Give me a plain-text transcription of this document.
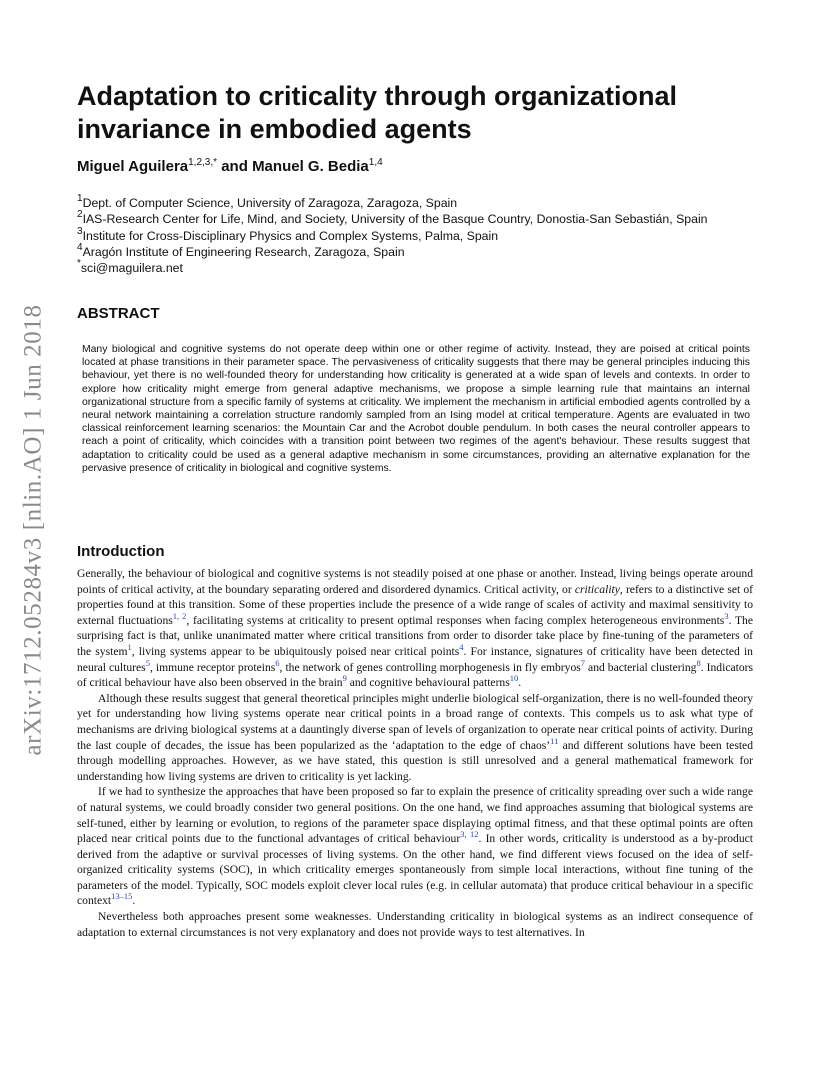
arXiv:1712.05284v3 [nlin.AO] 1 Jun 2018
Adaptation to criticality through organizational invariance in embodied agents
Miguel Aguilera$^{1,2,3,*}$ and Manuel G. Bedia$^{1,4}$
$^1$Dept. of Computer Science, University of Zaragoza, Zaragoza, Spain
$^2$IAS-Research Center for Life, Mind, and Society, University of the Basque Country, Donostia-San Sebastián, Spain
$^3$Institute for Cross-Disciplinary Physics and Complex Systems, Palma, Spain
$^4$Aragón Institute of Engineering Research, Zaragoza, Spain
*sci@maguilera.net
ABSTRACT

Many biological and cognitive systems do not operate deep within one or other regime of activity. Instead, they are poised at critical points located at phase transitions in their parameter space. The pervasiveness of criticality suggests that there may be general principles inducing this behaviour, yet there is no well-founded theory for understanding how criticality is generated at a wide span of levels and contexts. In order to explore how criticality might emerge from general adaptive mechanisms, we propose a simple learning rule that maintains an internal organizational structure from a specific family of systems at criticality. We implement the mechanism in artificial embodied agents controlled by a neural network maintaining a correlation structure randomly sampled from an Ising model at critical temperature. Agents are evaluated in two classical reinforcement learning scenarios: the Mountain Car and the Acrobot double pendulum. In both cases the neural controller appears to reach a point of criticality, which coincides with a transition point between two regimes of the agent's behaviour. These results suggest that adaptation to criticality could be used as a general adaptive mechanism in some circumstances, providing an alternative explanation for the pervasive presence of criticality in biological and cognitive systems.

Introduction

Generally, the behaviour of biological and cognitive systems is not steadily poised at one phase or another. Instead, living beings operate around points of critical activity, at the boundary separating ordered and disordered dynamics. Critical activity, or criticality, refers to a distinctive set of properties found at this transition. Some of these properties include the presence of a wide range of scales of activity and maximal sensitivity to external fluctuations$^{1, 2}$, facilitating systems at criticality to present optimal responses when facing complex heterogeneous environments$^3$. The surprising fact is that, unlike unanimated matter where critical transitions from order to disorder take place by fine-tuning of the parameters of the system$^1$, living systems appear to be ubiquitously poised near critical points$^4$. For instance, signatures of criticality have been detected in neural cultures$^5$, immune receptor proteins$^6$, the network of genes controlling morphogenesis in fly embryos$^7$ and bacterial clustering$^8$. Indicators of critical behaviour have also been observed in the brain$^9$ and cognitive behavioural patterns$^{10}$.

Although these results suggest that general theoretical principles might underlie biological self-organization, there is no well-founded theory yet for understanding how living systems operate near critical points in a broad range of contexts. This compels us to ask what type of mechanisms are driving biological systems at a dauntingly diverse span of levels of organization to operate near critical points of activity. During the last couple of decades, the issue has been popularized as the ‘adaptation to the edge of chaos’$^{11}$ and different solutions have been tested through modelling approaches. However, as we have stated, this question is still unresolved and a general mathematical framework for understanding how living systems are driven to criticality is yet lacking.

If we had to synthesize the approaches that have been proposed so far to explain the presence of criticality spreading over such a wide range of natural systems, we could broadly consider two general positions. On the one hand, we find approaches assuming that biological systems are self-tuned, either by learning or evolution, to regions of the parameter space displaying optimal fitness, and that these optimal points are often placed near critical points due to the functional advantages of critical behaviour$^{3, 12}$. In other words, criticality is understood as a by-product derived from the adaptive or survival processes of living systems. On the other hand, we find different views focused on the idea of self-organized criticality systems (SOC), in which criticality emerges spontaneously from simple local interactions, without fine tuning of the parameters of the model. Typically, SOC models exploit clever local rules (e.g. in cellular automata) that produce critical behaviour in a specific context$^{13-15}$.

Nevertheless both approaches present some weaknesses. Understanding criticality in biological systems as an indirect consequence of adaptation to external circumstances is not very explanatory and does not provide ways to test alternatives. In
